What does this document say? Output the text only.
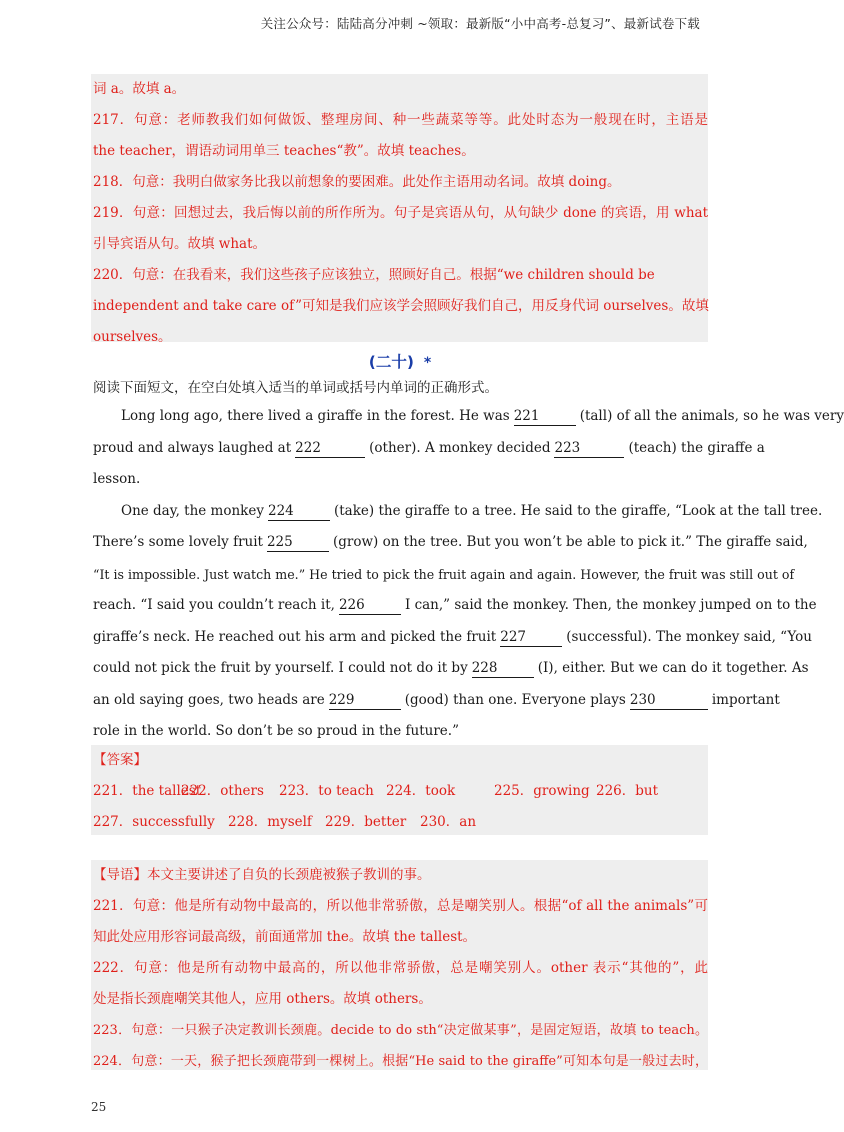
关注公众号：陆陆高分冲刺 ~领取：最新版“小中高考-总复习”、最新试卷下载
词 a。故填 a。
217．句意：老师教我们如何做饭、整理房间、种一些蔬菜等等。此处时态为一般现在时，主语是
the teacher，谓语动词用单三 teaches“教”。故填 teaches。
218．句意：我明白做家务比我以前想象的要困难。此处作主语用动名词。故填 doing。
219．句意：回想过去，我后悔以前的所作所为。句子是宾语从句，从句缺少 done 的宾语，用 what
引导宾语从句。故填 what。
220．句意：在我看来，我们这些孩子应该独立，照顾好自己。根据“we children should be
independent and take care of”可知是我们应该学会照顾好我们自己，用反身代词 ourselves。故填
ourselves。
(二十) *
阅读下面短文，在空白处填入适当的单词或括号内单词的正确形式。
Long long ago, there lived a giraffe in the forest. He was 221	(tall) of all the animals, so he was very
proud and always laughed at 222	(other). A monkey decided 223	(teach) the giraffe a
lesson.
One day, the monkey 224	(take) the giraffe to a tree. He said to the giraffe, “Look at the tall tree.
There’s some lovely fruit 225	(grow) on the tree. But you won’t be able to pick it.” The giraffe said,
“It is impossible. Just watch me.” He tried to pick the fruit again and again. However, the fruit was still out of
reach. “I said you couldn’t reach it, 226	I can,” said the monkey. Then, the monkey jumped on to the
giraffe’s neck. He reached out his arm and picked the fruit 227	(successful). The monkey said, “You
could not pick the fruit by yourself. I could not do it by 228	(I), either. But we can do it together. As
an old saying goes, two heads are 229	(good) than one. Everyone plays 230	important
role in the world. So don’t be so proud in the future.”
【答案】
221．the tallest222．others 223．to teach 224．took	225．growing 226．but
227．successfully 228．myself 229．better 230．an
【导语】本文主要讲述了自负的长颈鹿被猴子教训的事。
221．句意：他是所有动物中最高的，所以他非常骄傲，总是嘲笑别人。根据“of all the animals”可
知此处应用形容词最高级，前面通常加 the。故填 the tallest。
222．句意：他是所有动物中最高的，所以他非常骄傲，总是嘲笑别人。other 表示“其他的”，此
处是指长颈鹿嘲笑其他人，应用 others。故填 others。
223．句意：一只猴子决定教训长颈鹿。decide to do sth“决定做某事”，是固定短语，故填 to teach。
224．句意：一天，猴子把长颈鹿带到一棵树上。根据“He said to the giraffe”可知本句是一般过去时，
25
